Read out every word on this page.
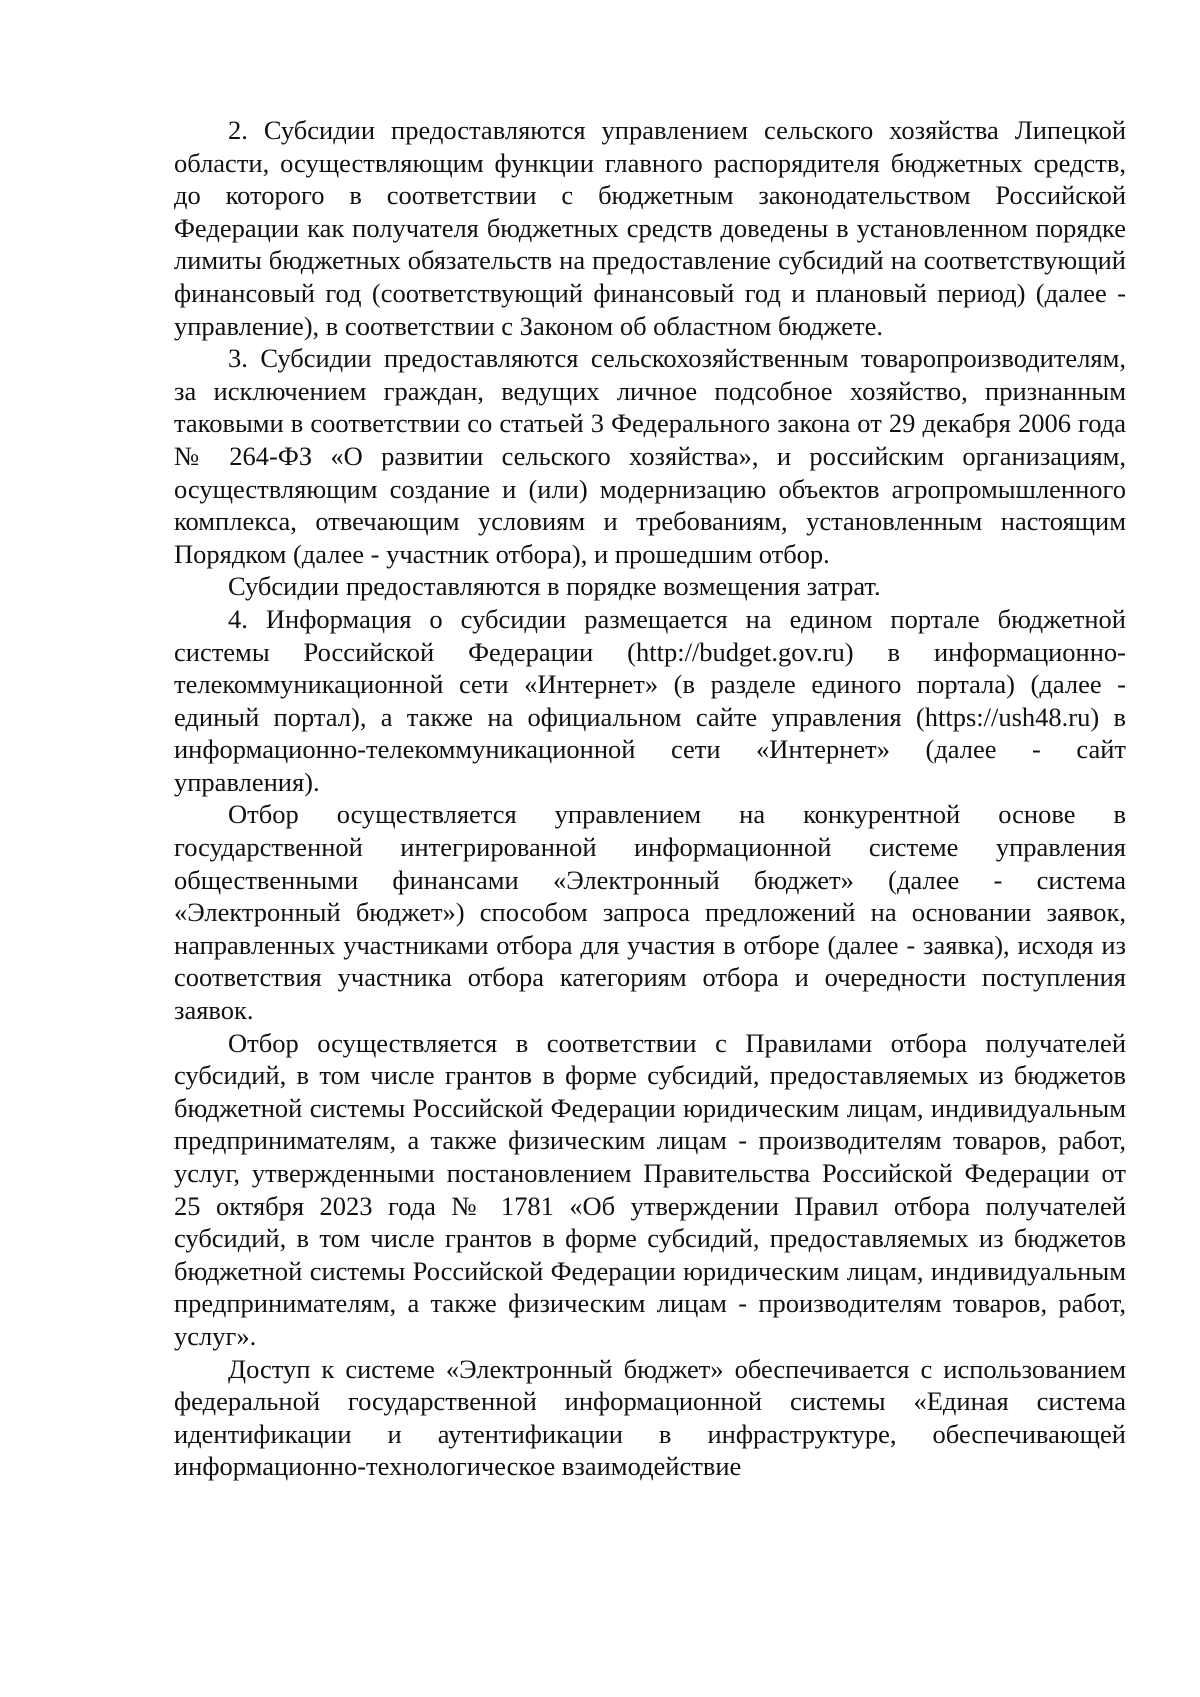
2. Субсидии предоставляются управлением сельского хозяйства Липецкой области, осуществляющим функции главного распорядителя бюджетных средств, до которого в соответствии с бюджетным законодательством Российской Федерации как получателя бюджетных средств доведены в установленном порядке лимиты бюджетных обязательств на предоставление субсидий на соответствующий финансовый год (соответствующий финансовый год и плановый период) (далее - управление), в соответствии с Законом об областном бюджете.

3. Субсидии предоставляются сельскохозяйственным товаропроизводителям, за исключением граждан, ведущих личное подсобное хозяйство, признанным таковыми в соответствии со статьей 3 Федерального закона от 29 декабря 2006 года № 264-ФЗ «О развитии сельского хозяйства», и российским организациям, осуществляющим создание и (или) модернизацию объектов агропромышленного комплекса, отвечающим условиям и требованиям, установленным настоящим Порядком (далее - участник отбора), и прошедшим отбор.

Субсидии предоставляются в порядке возмещения затрат.

4. Информация о субсидии размещается на едином портале бюджетной системы Российской Федерации (http://budget.gov.ru) в информационно-телекоммуникационной сети «Интернет» (в разделе единого портала) (далее - единый портал), а также на официальном сайте управления (https://ush48.ru) в информационно-телекоммуникационной сети «Интернет» (далее - сайт управления).

Отбор осуществляется управлением на конкурентной основе в государственной интегрированной информационной системе управления общественными финансами «Электронный бюджет» (далее - система «Электронный бюджет») способом запроса предложений на основании заявок, направленных участниками отбора для участия в отборе (далее - заявка), исходя из соответствия участника отбора категориям отбора и очередности поступления заявок.

Отбор осуществляется в соответствии с Правилами отбора получателей субсидий, в том числе грантов в форме субсидий, предоставляемых из бюджетов бюджетной системы Российской Федерации юридическим лицам, индивидуальным предпринимателям, а также физическим лицам - производителям товаров, работ, услуг, утвержденными постановлением Правительства Российской Федерации от 25 октября 2023 года № 1781 «Об утверждении Правил отбора получателей субсидий, в том числе грантов в форме субсидий, предоставляемых из бюджетов бюджетной системы Российской Федерации юридическим лицам, индивидуальным предпринимателям, а также физическим лицам - производителям товаров, работ, услуг».

Доступ к системе «Электронный бюджет» обеспечивается с использованием федеральной государственной информационной системы «Единая система идентификации и аутентификации в инфраструктуре, обеспечивающей информационно-технологическое взаимодействие
